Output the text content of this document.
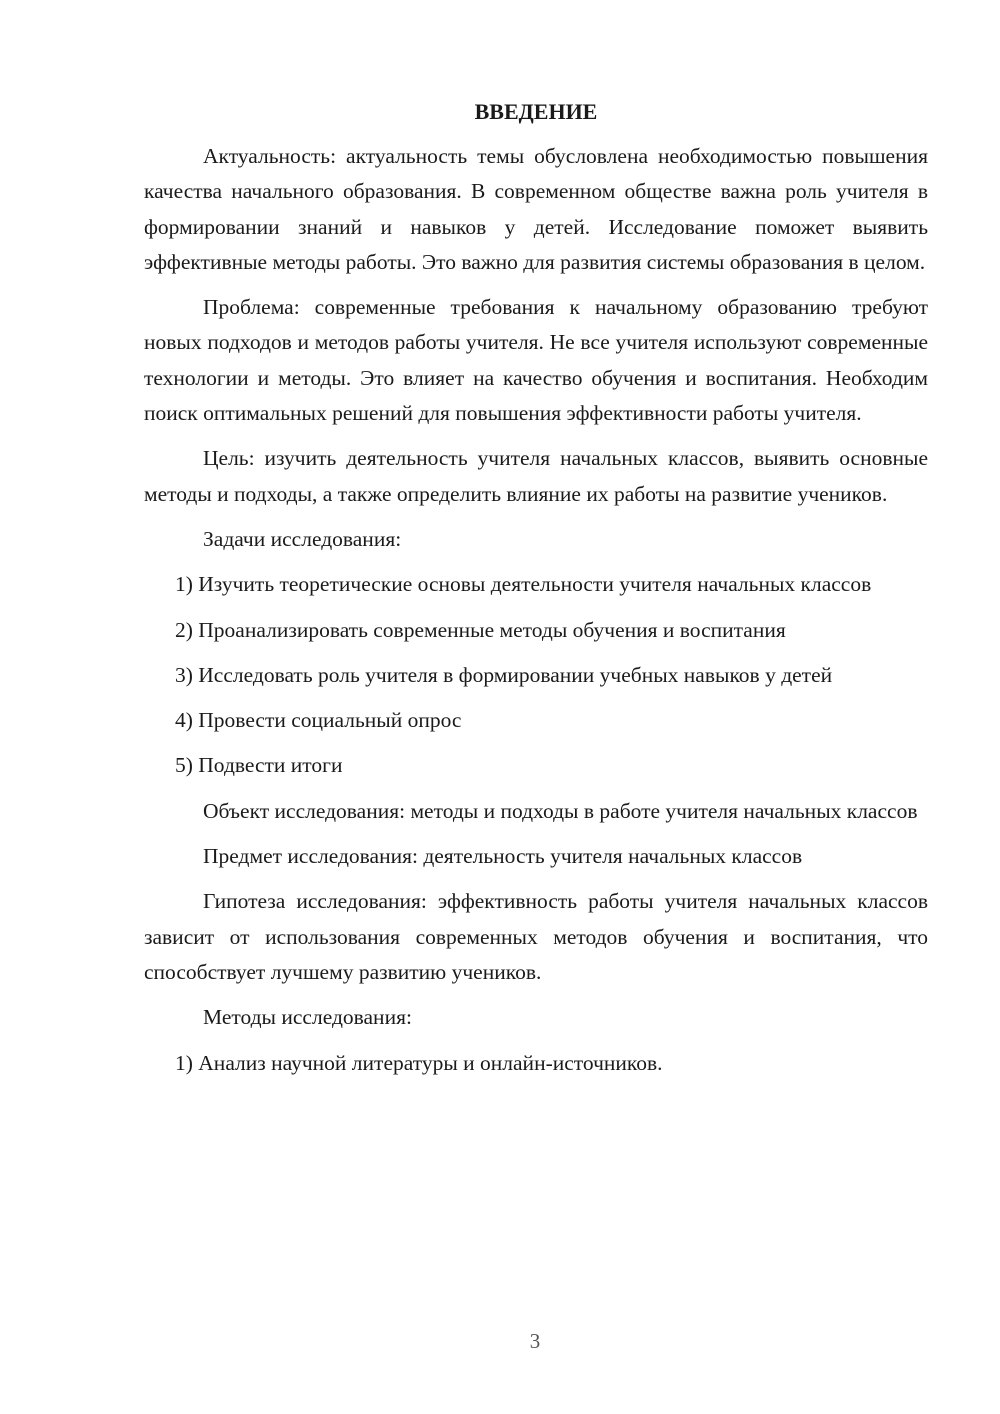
ВВЕДЕНИЕ

Актуальность: актуальность темы обусловлена необходимостью повышения качества начального образования. В современном обществе важна роль учителя в формировании знаний и навыков у детей. Исследование поможет выявить эффективные методы работы. Это важно для развития системы образования в целом.

Проблема: современные требования к начальному образованию требуют новых подходов и методов работы учителя. Не все учителя используют современные технологии и методы. Это влияет на качество обучения и воспитания. Необходим поиск оптимальных решений для повышения эффективности работы учителя.

Цель: изучить деятельность учителя начальных классов, выявить основные методы и подходы, а также определить влияние их работы на развитие учеников.

Задачи исследования:

1) Изучить теоретические основы деятельности учителя начальных классов

2) Проанализировать современные методы обучения и воспитания

3) Исследовать роль учителя в формировании учебных навыков у детей

4) Провести социальный опрос

5) Подвести итоги

Объект исследования: методы и подходы в работе учителя начальных классов

Предмет исследования: деятельность учителя начальных классов

Гипотеза исследования: эффективность работы учителя начальных классов зависит от использования современных методов обучения и воспитания, что способствует лучшему развитию учеников.

Методы исследования:

1) Анализ научной литературы и онлайн-источников.

3
